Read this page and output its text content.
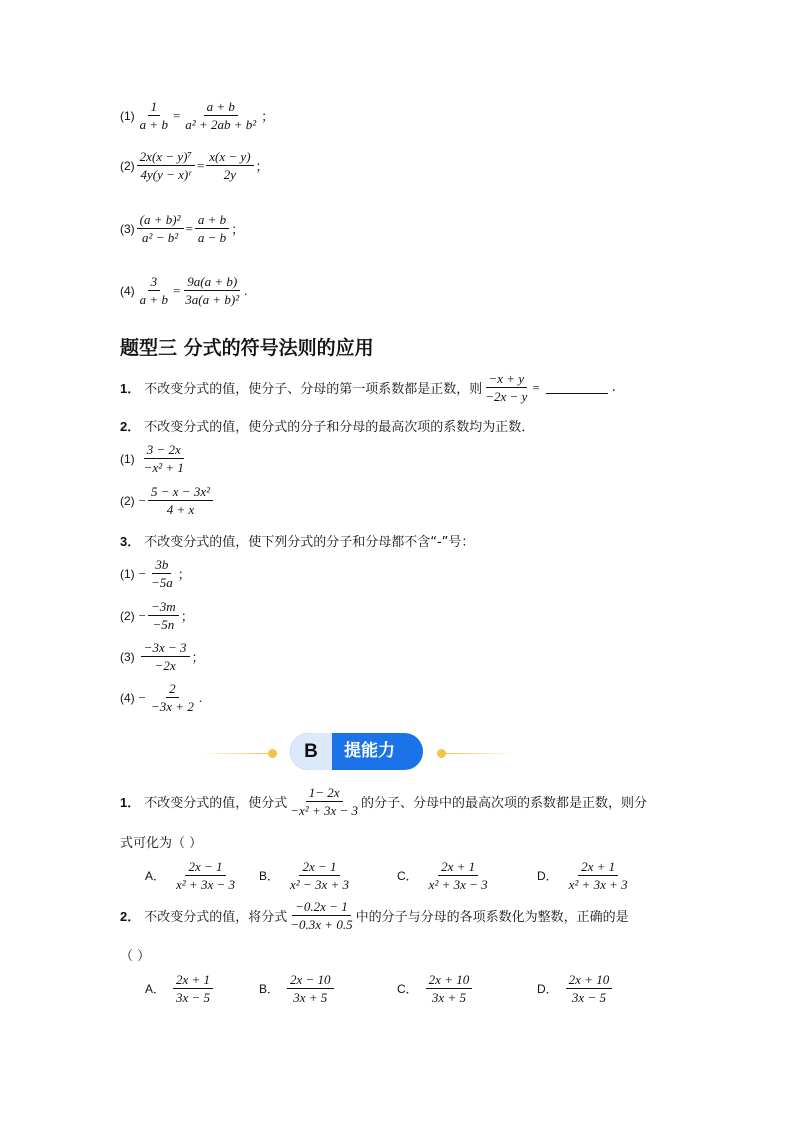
$(1) \frac{1}{a + b} = \frac{a + b}{\text{a² + 2ab + b²}}$ ；
$(2) \frac{\text{2x(x − y)⁷}}{\text{4y(y − x)ʳ}} = \frac{x(x - y)}{2y}$ ；
$(3) \frac{\text{(a + b)²}}{\text{a² − b²}} = \frac{a + b}{a - b}$ ；
$(4) \frac{3}{a + b} = \frac{9a(a + b)}{\text{3a(a + b)²}}$ .
题型三 分式的符号法则的应用
1． 不改变分式的值，使分子、分母的第一项系数都是正数，则 $\frac{-x + y}{-2x - y}$ =	.
2． 不改变分式的值，使分式的分子和分母的最高次项的系数均为正数．
$(1) \frac{3 - 2x}{\text{−x² + 1}}$
$(2) - \frac{\text{5 − x − 3x²}}{4 + x}$
3． 不改变分式的值，使下列分式的分子和分母都不含“-”号：
$(1) - \frac{3b}{-5a}$ ；
$(2) - \frac{-3m}{-5n}$ ；
$(3) \frac{-3x - 3}{-2x}$ ；
$(4) - \frac{2}{-3x + 2}$ .
B	提能力
1． 不改变分式的值，使分式 $\frac{1- 2x}{\text{−x² + 3x − 3}}$ 的分子、分母中的最高次项的系数都是正数，则分
式可化为（ ）
A． $\frac{2x - 1}{\text{x² + 3x − 3}}$ B． $\frac{2x - 1}{\text{x² − 3x + 3}}$	C． $\frac{2x + 1}{\text{x² + 3x − 3}}$	D． $\frac{2x + 1}{\text{x² + 3x + 3}}$
2． 不改变分式的值，将分式 $\frac{-0.2x - 1}{-0.3x + 0.5}$ 中的分子与分母的各项系数化为整数，正确的是
（ ）
A． $\frac{2x + 1}{3x - 5}$	B． $\frac{2x - 10}{3x + 5}$	C． $\frac{2x + 10}{3x + 5}$	D． $\frac{2x + 10}{3x - 5}$
